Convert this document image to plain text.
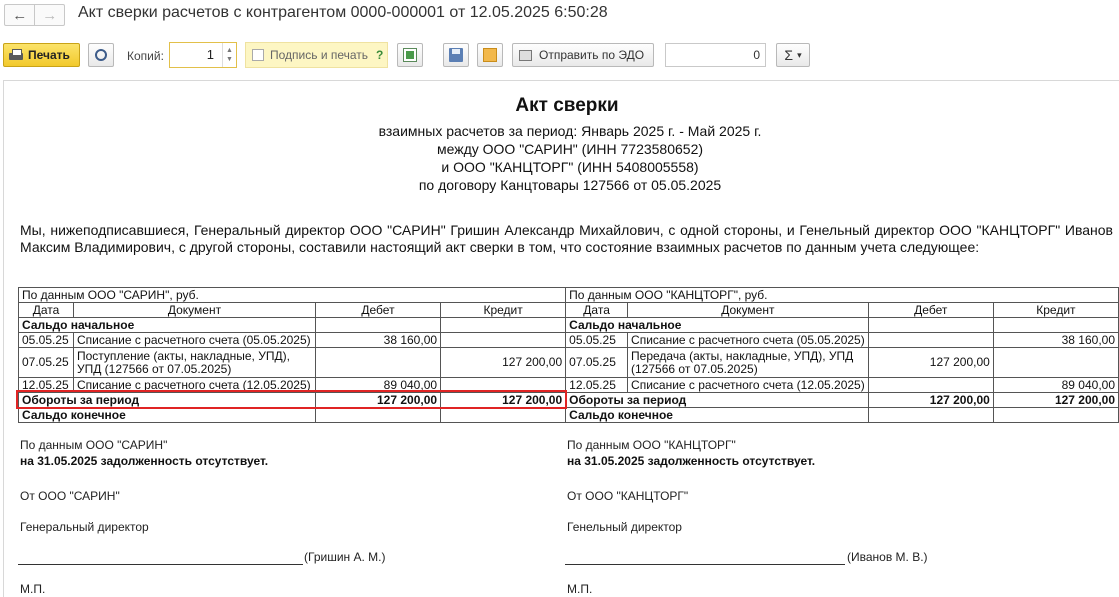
←	→	Акт сверки расчетов с контрагентом 0000-000001 от 12.05.2025 6:50:28
Печать	Копий:	1 ▲
▼	Подпись и печать ?	Отправить по ЭДО	0	Σ ▾
Акт сверки
взаимных расчетов за период: Январь 2025 г. - Май 2025 г.
между ООО "САРИН" (ИНН 7723580652)
и ООО "КАНЦТОРГ" (ИНН 5408005558)
по договору Канцтовары 127566 от 05.05.2025
Мы, нижеподписавшиеся, Генеральный директор ООО "САРИН" Гришин Александр Михайлович, с одной стороны, и Генельный директор ООО "КАНЦТОРГ" Иванов Максим Владимирович, с другой стороны, составили настоящий акт сверки в том, что состояние взаимных расчетов по данным учета следующее:
По данным ООО "САРИН", руб.				По данным ООО "КАНЦТОРГ", руб.			
Дата	Документ	Дебет	Кредит	Дата	Документ	Дебет	Кредит
Сальдо начальное				Сальдо начальное			
05.05.25	Списание с расчетного счета (05.05.2025)	38 160,00		05.05.25	Списание с расчетного счета (05.05.2025)		38 160,00
07.05.25	Поступление (акты, накладные, УПД), УПД (127566 от 07.05.2025)		127 200,00	07.05.25	Передача (акты, накладные, УПД), УПД (127566 от 07.05.2025)	127 200,00	
12.05.25	Списание с расчетного счета (12.05.2025)	89 040,00		12.05.25	Списание с расчетного счета (12.05.2025)		89 040,00
Обороты за период		127 200,00	127 200,00	Обороты за период		127 200,00	127 200,00
Сальдо конечное				Сальдо конечное			
По данным ООО "САРИН"
на 31.05.2025 задолженность отсутствует.
От ООО "САРИН"
Генеральный директор
(Гришин А. М.)
М.П.
По данным ООО "КАНЦТОРГ"
на 31.05.2025 задолженность отсутствует.
От ООО "КАНЦТОРГ"
Генельный директор
(Иванов М. В.)
М.П.
